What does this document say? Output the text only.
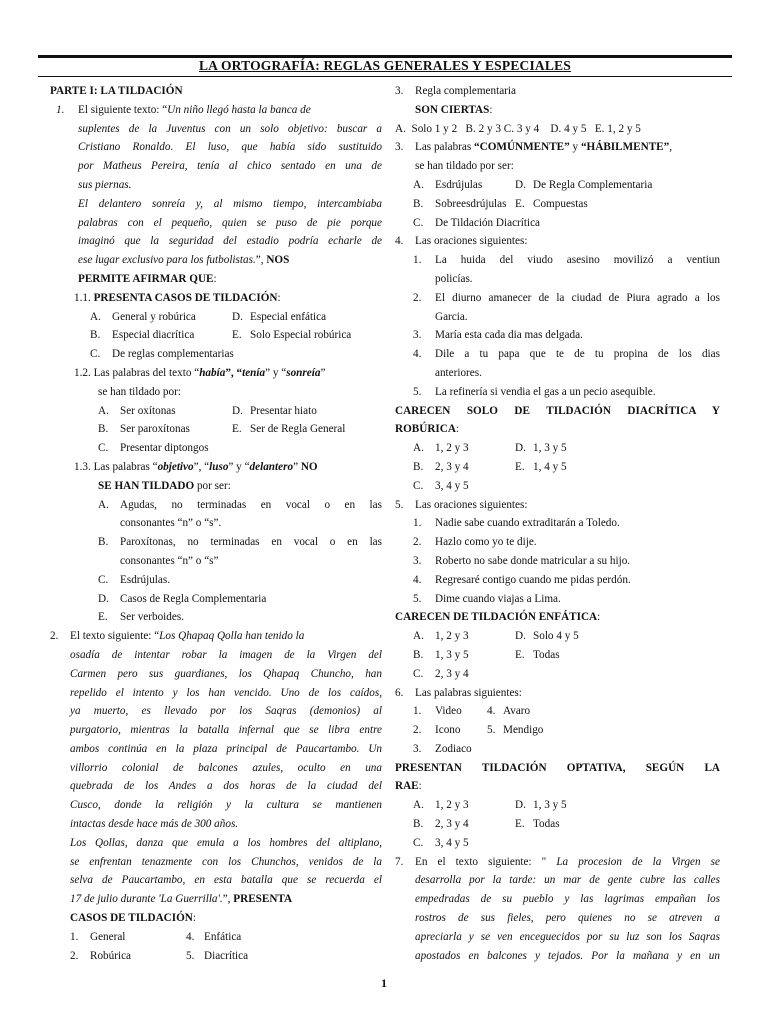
LA ORTOGRAFÍA: REGLAS GENERALES Y ESPECIALES
PARTE I: LA TILDACIÓN
1. El siguiente texto: “Un niño llegó hasta la banca de
suplentes de la Juventus con un solo objetivo: buscar a
Cristiano Ronaldo. El luso, que había sido sustituido
por Matheus Pereira, tenía al chico sentado en una de
sus piernas.
El delantero sonreía y, al mismo tiempo, intercambiaba
palabras con el pequeño, quien se puso de pie porque
imaginó que la seguridad del estadio podría echarle de
ese lugar exclusivo para los futbolistas.”, NOS
PERMITE AFIRMAR QUE:
1.1. PRESENTA CASOS DE TILDACIÓN:
A. General y robúrica	D. Especial enfática
B. Especial diacrítica	E. Solo Especial robúrica
C. De reglas complementarias
1.2. Las palabras del texto “había”, “tenía” y “sonreía”
se han tildado por:
A. Ser oxítonas	D. Presentar hiato
B. Ser paroxítonas	E. Ser de Regla General
C. Presentar diptongos
1.3. Las palabras “objetivo”, “luso” y “delantero” NO
SE HAN TILDADO por ser:
A. Agudas, no terminadas en vocal o en las
consonantes “n” o “s”.
B. Paroxítonas, no terminadas en vocal o en las
consonantes “n” o “s”
C. Esdrújulas.
D. Casos de Regla Complementaria
E. Ser verboides.
2. El texto siguiente: “Los Qhapaq Qolla han tenido la
osadía de intentar robar la imagen de la Virgen del
Carmen pero sus guardianes, los Qhapaq Chuncho, han
repelido el intento y los han vencido. Uno de los caídos,
ya muerto, es llevado por los Saqras (demonios) al
purgatorio, mientras la batalla infernal que se libra entre
ambos continúa en la plaza principal de Paucartambo. Un
villorrio colonial de balcones azules, oculto en una
quebrada de los Andes a dos horas de la ciudad del
Cusco, donde la religión y la cultura se mantienen
intactas desde hace más de 300 años.
Los Qollas, danza que emula a los hombres del altiplano,
se enfrentan tenazmente con los Chunchos, venidos de la
selva de Paucartambo, en esta batalla que se recuerda el
17 de julio durante 'La Guerrilla'.”, PRESENTA
CASOS DE TILDACIÓN:
1. General	4. Enfática
2. Robúrica	5. Diacrítica
3. Regla complementaria
SON CIERTAS:
A.  Solo 1 y 2   B. 2 y 3 C. 3 y 4    D. 4 y 5   E. 1, 2 y 5
3. Las palabras “COMÚNMENTE” y “HÁBILMENTE”,
se han tildado por ser:
A. Esdrújulas	D. De Regla Complementaria
B. Sobreesdrújulas E. Compuestas
C. De Tildación Diacrítica
4. Las oraciones siguientes:
1. La huida del viudo asesino movilizó a ventiun
policías.
2. El diurno amanecer de la ciudad de Piura agrado a los
Garcia.
3. María esta cada dia mas delgada.
4. Dile a tu papa que te de tu propina de los dias
anteriores.
5. La refinería si vendia el gas a un pecio asequible.
CARECEN SOLO DE TILDACIÓN DIACRÍTICA Y
ROBÚRICA:
A. 1, 2 y 3	D. 1, 3 y 5
B. 2, 3 y 4	E. 1, 4 y 5
C. 3, 4 y 5
5. Las oraciones siguientes:
1. Nadie sabe cuando extraditarán a Toledo.
2. Hazlo como yo te dije.
3. Roberto no sabe donde matricular a su hijo.
4. Regresaré contigo cuando me pidas perdón.
5. Dime cuando viajas a Lima.
CARECEN DE TILDACIÓN ENFÁTICA:
A. 1, 2 y 3	D. Solo 4 y 5
B. 1, 3 y 5	E. Todas
C. 2, 3 y 4
6. Las palabras siguientes:
1. Video 4. Avaro
2. Icono 5. Mendigo
3. Zodiaco
PRESENTAN TILDACIÓN OPTATIVA, SEGÚN LA
RAE:
A. 1, 2 y 3	D. 1, 3 y 5
B. 2, 3 y 4	E. Todas
C. 3, 4 y 5
7. En el texto siguiente: " La procesion de la Virgen se
desarrolla por la tarde: un mar de gente cubre las calles
empedradas de su pueblo y las lagrimas empañan los
rostros de sus fieles, pero quienes no se atreven a
apreciarla y se ven enceguecidos por su luz son los Saqras
apostados en balcones y tejados. Por la mañana y en un
1
